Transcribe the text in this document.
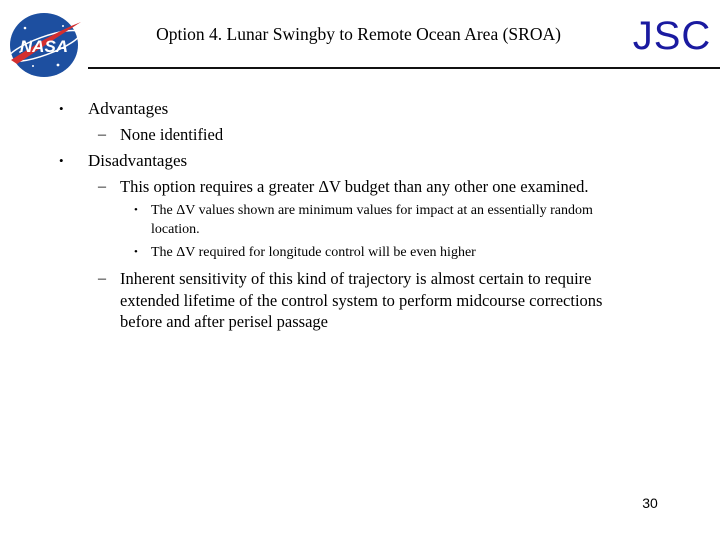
NASA
Option 4. Lunar Swingby to Remote Ocean Area (SROA)	JSC
• Advantages
– None identified
• Disadvantages
– This option requires a greater ΔV budget than any other one examined.
• The ΔV values shown are minimum values for impact at an essentially random
location.
• The ΔV required for longitude control will be even higher
– Inherent sensitivity of this kind of trajectory is almost certain to require
extended lifetime of the control system to perform midcourse corrections
before and after perisel passage
30
